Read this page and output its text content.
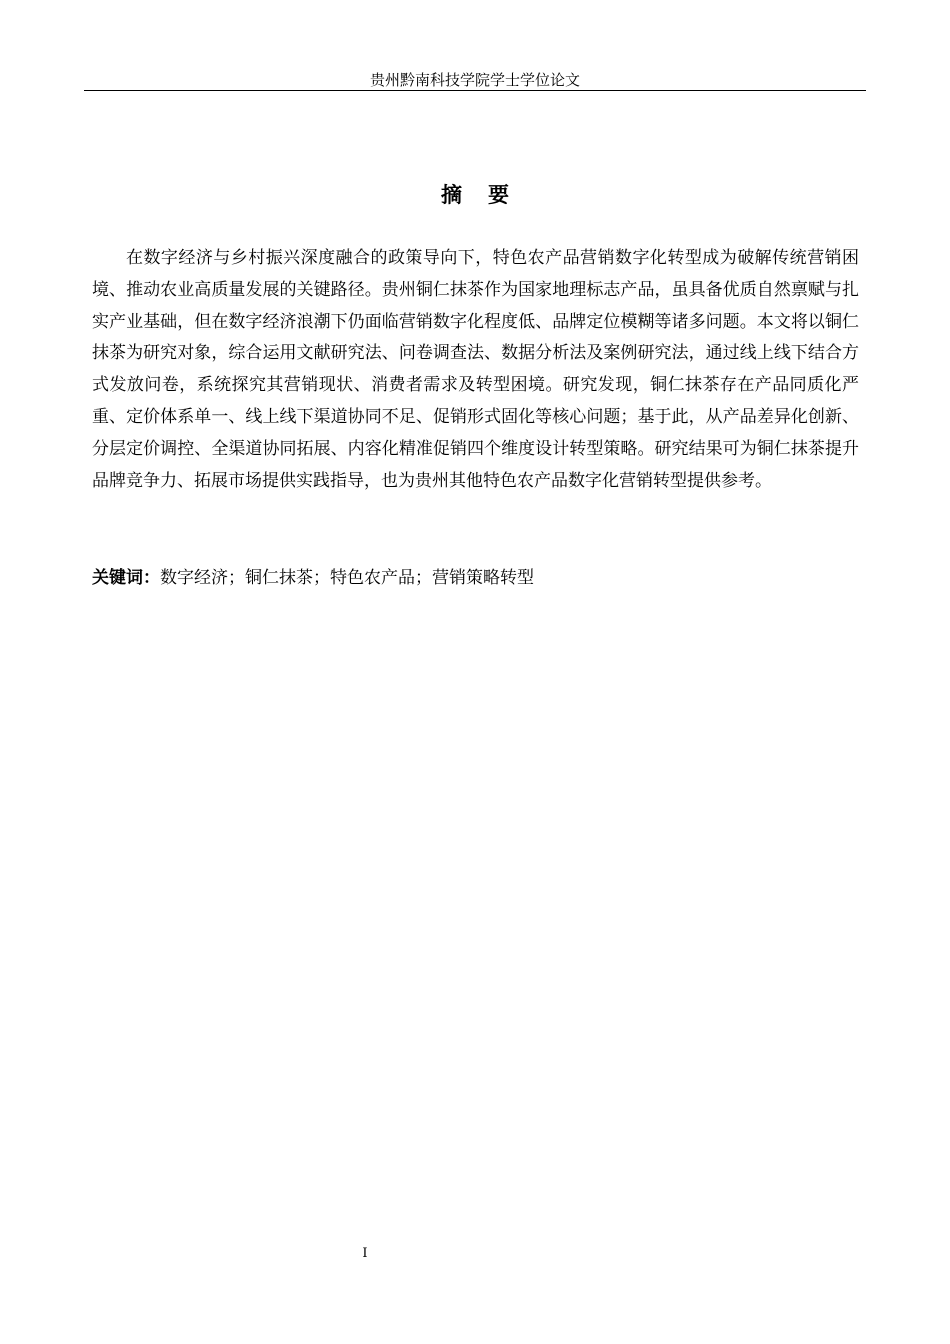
贵州黔南科技学院学士学位论文
摘 要

在数字经济与乡村振兴深度融合的政策导向下，特色农产品营销数字化转型成为破解传统营销困境、推动农业高质量发展的关键路径。贵州铜仁抹茶作为国家地理标志产品，虽具备优质自然禀赋与扎实产业基础，但在数字经济浪潮下仍面临营销数字化程度低、品牌定位模糊等诸多问题。本文将以铜仁抹茶为研究对象，综合运用文献研究法、问卷调查法、数据分析法及案例研究法，通过线上线下结合方式发放问卷，系统探究其营销现状、消费者需求及转型困境。研究发现，铜仁抹茶存在产品同质化严重、定价体系单一、线上线下渠道协同不足、促销形式固化等核心问题；基于此，从产品差异化创新、分层定价调控、全渠道协同拓展、内容化精准促销四个维度设计转型策略。研究结果可为铜仁抹茶提升品牌竞争力、拓展市场提供实践指导，也为贵州其他特色农产品数字化营销转型提供参考。

关键词：数字经济；铜仁抹茶；特色农产品；营销策略转型
I
